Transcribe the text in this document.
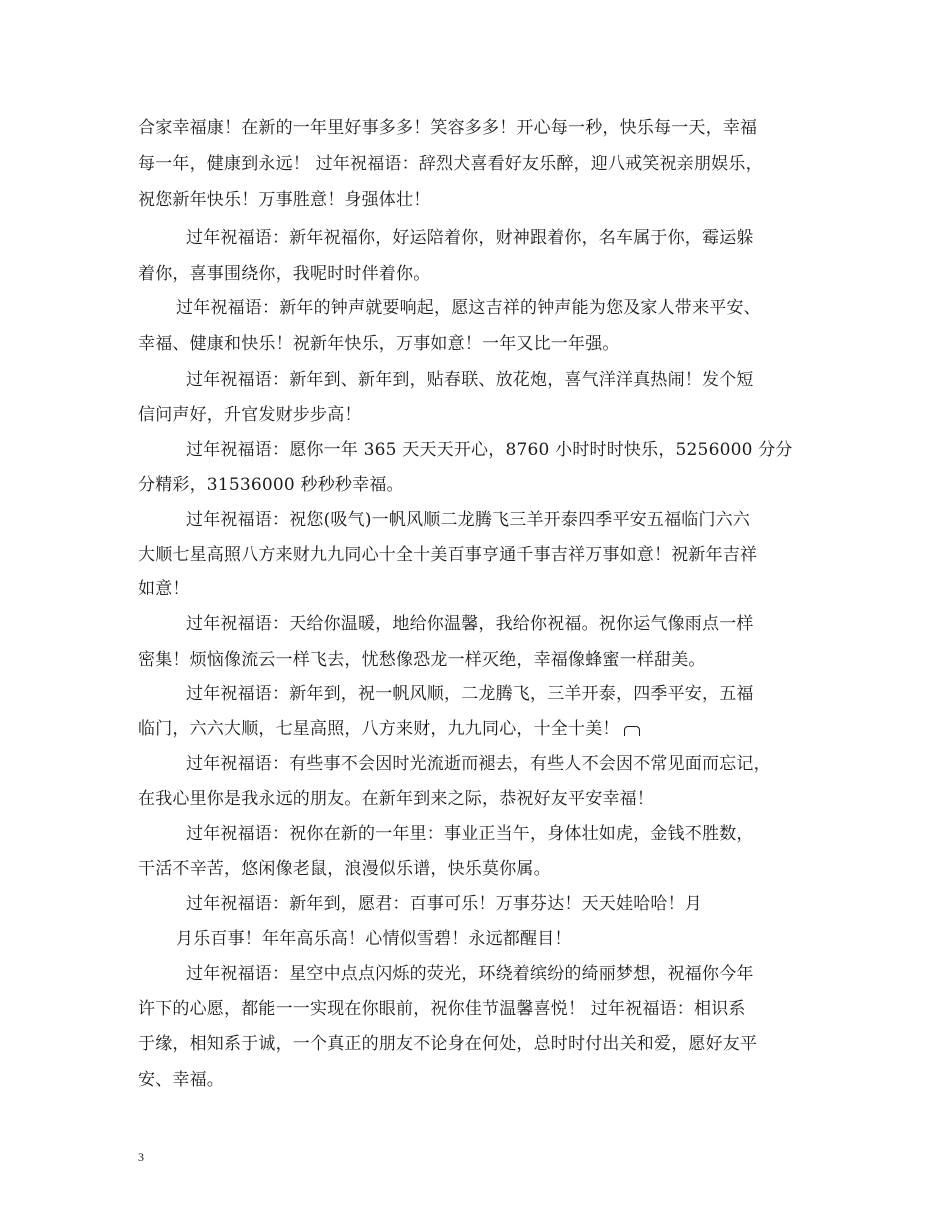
合家幸福康！在新的一年里好事多多！笑容多多！开心每一秒，快乐每一天，幸福
每一年，健康到永远！ 过年祝福语：辞烈犬喜看好友乐醉，迎八戒笑祝亲朋娱乐，
祝您新年快乐！万事胜意！身强体壮！
过年祝福语：新年祝福你，好运陪着你，财神跟着你，名车属于你，霉运躲
着你，喜事围绕你，我呢时时伴着你。
过年祝福语：新年的钟声就要响起，愿这吉祥的钟声能为您及家人带来平安、
幸福、健康和快乐！祝新年快乐，万事如意！一年又比一年强。
过年祝福语：新年到、新年到，贴春联、放花炮，喜气洋洋真热闹！发个短
信问声好，升官发财步步高！
过年祝福语：愿你一年 365 天天天开心，8760 小时时时快乐，5256000 分分
分精彩，31536000 秒秒秒幸福。
过年祝福语：祝您(吸气)一帆风顺二龙腾飞三羊开泰四季平安五福临门六六
大顺七星高照八方来财九九同心十全十美百事亨通千事吉祥万事如意！祝新年吉祥
如意！
过年祝福语：天给你温暖，地给你温馨，我给你祝福。祝你运气像雨点一样
密集！烦恼像流云一样飞去，忧愁像恐龙一样灭绝，幸福像蜂蜜一样甜美。
过年祝福语：新年到，祝一帆风顺，二龙腾飞，三羊开泰，四季平安，五福
临门，六六大顺，七星高照，八方来财，九九同心，十全十美！
过年祝福语：有些事不会因时光流逝而褪去，有些人不会因不常见面而忘记，
在我心里你是我永远的朋友。在新年到来之际，恭祝好友平安幸福！
过年祝福语：祝你在新的一年里：事业正当午，身体壮如虎，金钱不胜数，
干活不辛苦，悠闲像老鼠，浪漫似乐谱，快乐莫你属。
过年祝福语：新年到，愿君：百事可乐！万事芬达！天天娃哈哈！月
月乐百事！年年高乐高！心情似雪碧！永远都醒目！
过年祝福语：星空中点点闪烁的荧光，环绕着缤纷的绮丽梦想，祝福你今年
许下的心愿，都能一一实现在你眼前，祝你佳节温馨喜悦！ 过年祝福语：相识系
于缘，相知系于诚，一个真正的朋友不论身在何处，总时时付出关和爱，愿好友平
安、幸福。
3
